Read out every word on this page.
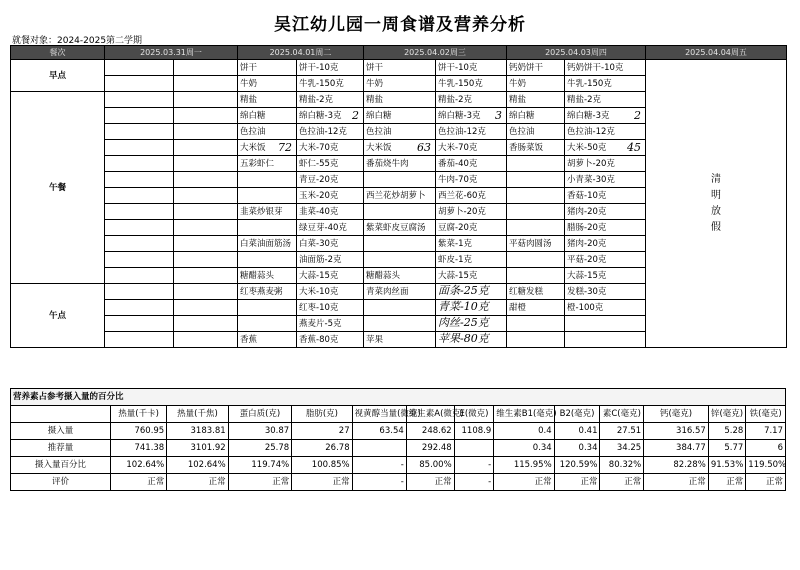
吴江幼儿园一周食谱及营养分析
就餐对象：2024-2025第二学期
餐次	2025.03.31周一		2025.04.01周二		2025.04.02周三		2025.04.03周四		2025.04.04周五
早点			饼干	饼干-10克	饼干	饼干-10克	钙奶饼干	钙奶饼干-10克	清明放假
			牛奶	牛乳-150克	牛奶	牛乳-150克	牛奶	牛乳-150克	
午餐			精盐	精盐-2克	精盐	精盐-2克	精盐	精盐-2克	
			绵白糖	绵白糖-3克 2	绵白糖	绵白糖-3克 3	绵白糖	绵白糖-3克 2	

			色拉油	色拉油-12克	色拉油	色拉油-12克	色拉油	色拉油-12克	
			大米饭 72	大米-70克	大米饭 63	大米-70克	香肠菜饭	大米-50克 45	

			五彩虾仁	虾仁-55克	番茄烧牛肉	番茄-40克		胡萝卜-20克	
				青豆-20克		牛肉-70克		小青菜-30克	
				玉米-20克	西兰花炒胡萝卜	西兰花-60克		香菇-10克	
			韭菜炒银芽	韭菜-40克		胡萝卜-20克		猪肉-20克	
				绿豆芽-40克	紫菜虾皮豆腐汤	豆腐-20克		腊肠-20克	
			白菜油面筋汤	白菜-30克		紫菜-1克	平菇肉圆汤	猪肉-20克	
				油面筋-2克		虾皮-1克		平菇-20克	
			糖醋蒜头	大蒜-15克	糖醋蒜头	大蒜-15克		大蒜-15克	
午点			红枣燕麦粥	大米-10克	青菜肉丝面	面条-25克	红糖发糕	发糕-30克	
				红枣-10克		青菜-10克	甜橙	橙-100克	
				燕麦片-5克		肉丝-25克			
			香蕉	香蕉-80克	苹果	苹果-80克			
营养素占参考摄入量的百分比													
	热量(千卡)	热量(千焦)	蛋白质(克)	脂肪(克)	视黄醇当量(微克)	维生素A(微克)	E(微克)	维生素B1(毫克)	B2(毫克)	素C(毫克)	钙(毫克)	锌(毫克)	铁(毫克)
摄入量	760.95	3183.81	30.87	27	63.54	248.62	1108.9	0.4	0.41	27.51	316.57	5.28	7.17
推荐量	741.38	3101.92	25.78	26.78		292.48		0.34	0.34	34.25	384.77	5.77	6
摄入量百分比	102.64%	102.64%	119.74%	100.85%	-	85.00%	-	115.95%	120.59%	80.32%	82.28%	91.53%	119.50%
评价	正常	正常	正常	正常	-	正常	-	正常	正常	正常	正常	正常	正常
